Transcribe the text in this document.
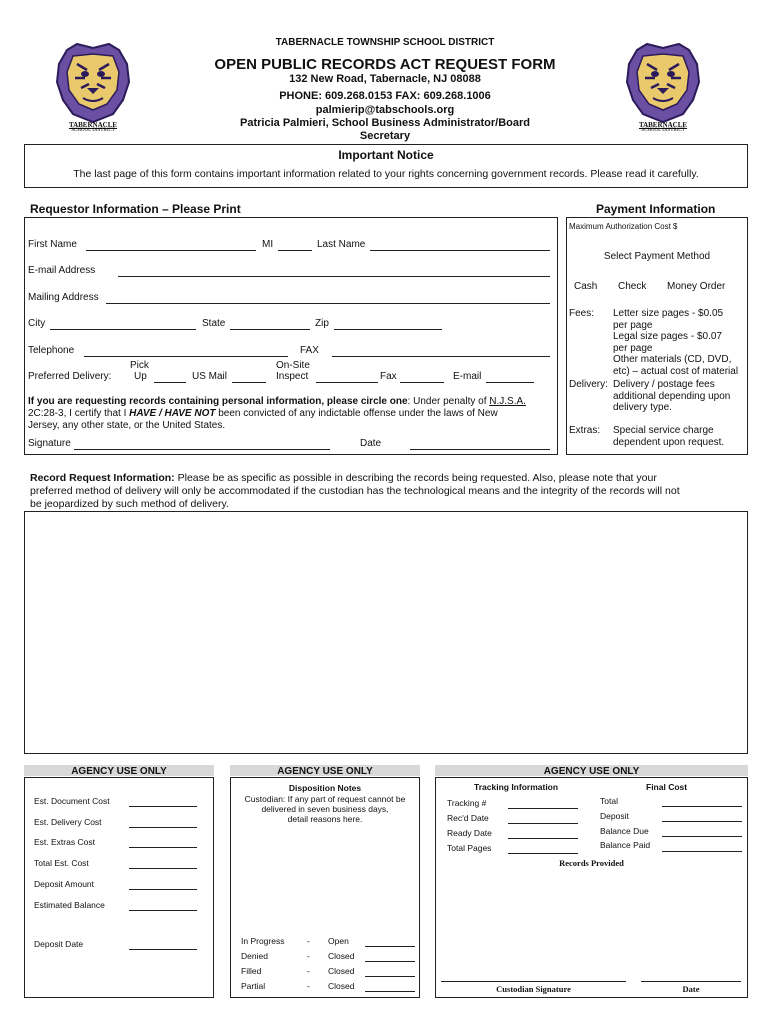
TABERNACLE
SCHOOL DISTRICT
TABERNACLE
SCHOOL DISTRICT
TABERNACLE TOWNSHIP SCHOOL DISTRICT
OPEN PUBLIC RECORDS ACT REQUEST FORM
132 New Road, Tabernacle, NJ 08088
PHONE: 609.268.0153 FAX: 609.268.1006
palmierip@tabschools.org
Patricia Palmieri, School Business Administrator/Board
Secretary
Important Notice
The last page of this form contains important information related to your rights concerning government records. Please read it carefully.
Requestor Information – Please Print
First Name	MI	Last Name
E-mail Address
Mailing Address
City	State	Zip
Telephone	FAX
Preferred Delivery:
Pick
Up	US Mail
On-Site
Inspect	Fax	E-mail
If you are requesting records containing personal information, please circle one: Under penalty of N.J.S.A.
2C:28-3, I certify that I HAVE / HAVE NOT been convicted of any indictable offense under the laws of New
Jersey, any other state, or the United States.
Signature	Date
Payment Information
Maximum Authorization Cost $
Select Payment Method
Cash Check Money Order
Fees: Letter size pages - $0.05
per page
Legal size pages - $0.07
per page
Other materials (CD, DVD,
etc) – actual cost of material
Delivery: Delivery / postage fees
additional depending upon
delivery type.
Extras: Special service charge
dependent upon request.
Record Request Information: Please be as specific as possible in describing the records being requested. Also, please note that your
preferred method of delivery will only be accommodated if the custodian has the technological means and the integrity of the records will not
be jeopardized by such method of delivery.
AGENCY USE ONLY
Est. Document Cost
Est. Delivery Cost
Est. Extras Cost
Total Est. Cost
Deposit Amount
Estimated Balance
Deposit Date
AGENCY USE ONLY
Disposition Notes
Custodian: If any part of request cannot be
delivered in seven business days,
detail reasons here.
In Progress	- Open
Denied	- Closed
Filled	- Closed
Partial	- Closed
AGENCY USE ONLY
Tracking Information	Final Cost
Tracking #
Rec'd Date
Ready Date
Total Pages
Total
Deposit
Balance Due
Balance Paid
Records Provided
Custodian Signature	Date
